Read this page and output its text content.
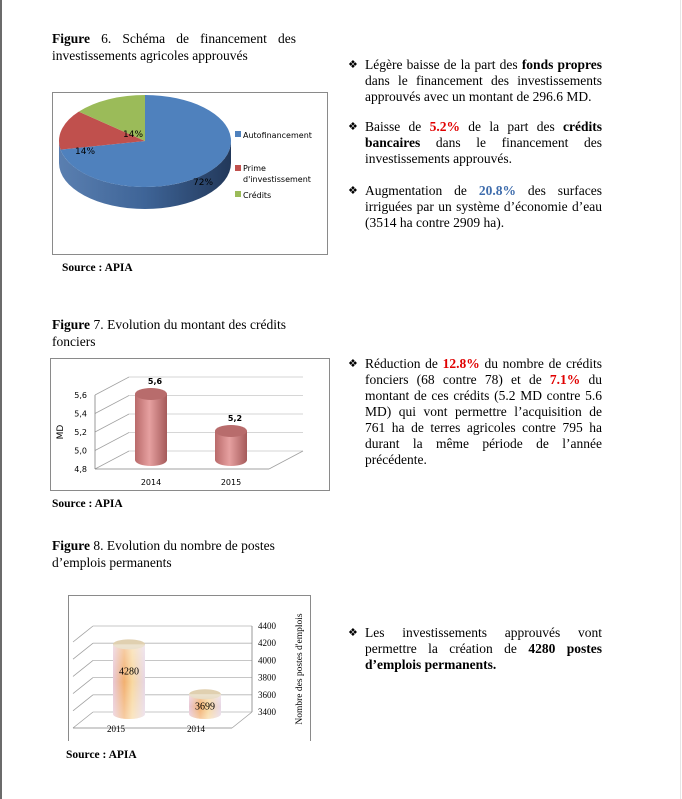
Figure 6. Schéma de financement des investissements agricoles approuvés
72%
14%
14%	Autofinancement
Prime
d'investissement
Crédits
Source : APIA
Figure 7. Evolution du montant des crédits fonciers
4,8
5,0
5,2
5,4
5,6
MD
2014	2015
5,6
5,2
Source : APIA
Figure 8. Evolution du nombre de postes d’emplois permanents
3400
3600
3800
4000
4200
4400 Nombre des postes d'emplois
2015	2014
4280
3699
Source : APIA
❖ Légère baisse de la part des fonds propres dans le financement des investissements approuvés avec un montant de 296.6 MD.
❖ Baisse de 5.2% de la part des crédits bancaires dans le financement des investissements approuvés.
❖ Augmentation de 20.8% des surfaces irriguées par un système d’économie d’eau (3514 ha contre 2909 ha).
❖ Réduction de 12.8% du nombre de crédits fonciers (68 contre 78) et de 7.1% du montant de ces crédits (5.2 MD contre 5.6 MD) qui vont permettre l’acquisition de 761 ha de terres agricoles contre 795 ha durant la même période de l’année précédente.
❖ Les investissements approuvés vont permettre la création de 4280 postes d’emplois permanents.
